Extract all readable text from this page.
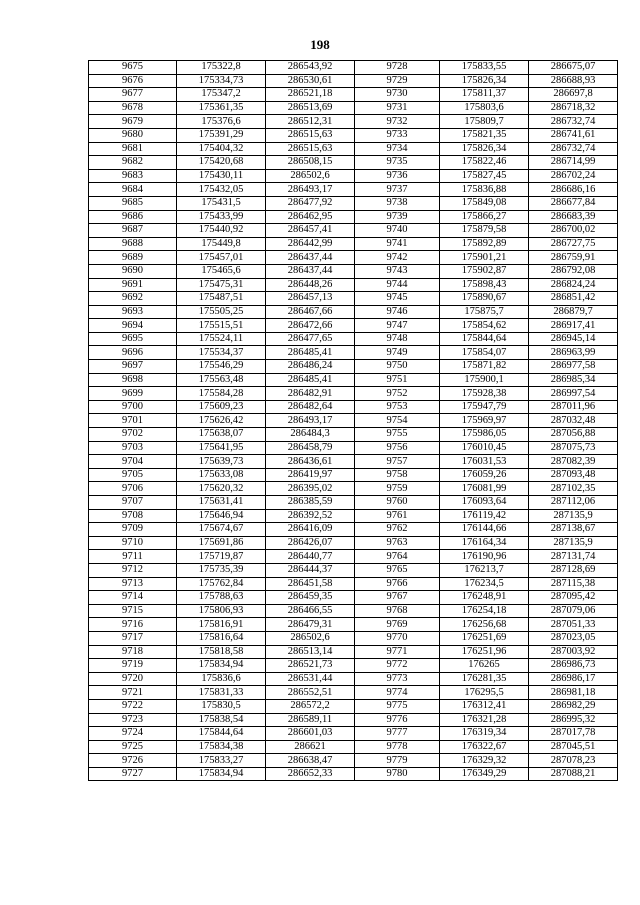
198
9675	175322,8	286543,92	9728	175833,55	286675,07
9676	175334,73	286530,61	9729	175826,34	286688,93
9677	175347,2	286521,18	9730	175811,37	286697,8
9678	175361,35	286513,69	9731	175803,6	286718,32
9679	175376,6	286512,31	9732	175809,7	286732,74
9680	175391,29	286515,63	9733	175821,35	286741,61
9681	175404,32	286515,63	9734	175826,34	286732,74
9682	175420,68	286508,15	9735	175822,46	286714,99
9683	175430,11	286502,6	9736	175827,45	286702,24
9684	175432,05	286493,17	9737	175836,88	286686,16
9685	175431,5	286477,92	9738	175849,08	286677,84
9686	175433,99	286462,95	9739	175866,27	286683,39
9687	175440,92	286457,41	9740	175879,58	286700,02
9688	175449,8	286442,99	9741	175892,89	286727,75
9689	175457,01	286437,44	9742	175901,21	286759,91
9690	175465,6	286437,44	9743	175902,87	286792,08
9691	175475,31	286448,26	9744	175898,43	286824,24
9692	175487,51	286457,13	9745	175890,67	286851,42
9693	175505,25	286467,66	9746	175875,7	286879,7
9694	175515,51	286472,66	9747	175854,62	286917,41
9695	175524,11	286477,65	9748	175844,64	286945,14
9696	175534,37	286485,41	9749	175854,07	286963,99
9697	175546,29	286486,24	9750	175871,82	286977,58
9698	175563,48	286485,41	9751	175900,1	286985,34
9699	175584,28	286482,91	9752	175928,38	286997,54
9700	175609,23	286482,64	9753	175947,79	287011,96
9701	175626,42	286493,17	9754	175969,97	287032,48
9702	175638,07	286484,3	9755	175986,05	287056,88
9703	175641,95	286458,79	9756	176010,45	287075,73
9704	175639,73	286436,61	9757	176031,53	287082,39
9705	175633,08	286419,97	9758	176059,26	287093,48
9706	175620,32	286395,02	9759	176081,99	287102,35
9707	175631,41	286385,59	9760	176093,64	287112,06
9708	175646,94	286392,52	9761	176119,42	287135,9
9709	175674,67	286416,09	9762	176144,66	287138,67
9710	175691,86	286426,07	9763	176164,34	287135,9
9711	175719,87	286440,77	9764	176190,96	287131,74
9712	175735,39	286444,37	9765	176213,7	287128,69
9713	175762,84	286451,58	9766	176234,5	287115,38
9714	175788,63	286459,35	9767	176248,91	287095,42
9715	175806,93	286466,55	9768	176254,18	287079,06
9716	175816,91	286479,31	9769	176256,68	287051,33
9717	175816,64	286502,6	9770	176251,69	287023,05
9718	175818,58	286513,14	9771	176251,96	287003,92
9719	175834,94	286521,73	9772	176265	286986,73
9720	175836,6	286531,44	9773	176281,35	286986,17
9721	175831,33	286552,51	9774	176295,5	286981,18
9722	175830,5	286572,2	9775	176312,41	286982,29
9723	175838,54	286589,11	9776	176321,28	286995,32
9724	175844,64	286601,03	9777	176319,34	287017,78
9725	175834,38	286621	9778	176322,67	287045,51
9726	175833,27	286638,47	9779	176329,32	287078,23
9727	175834,94	286652,33	9780	176349,29	287088,21
